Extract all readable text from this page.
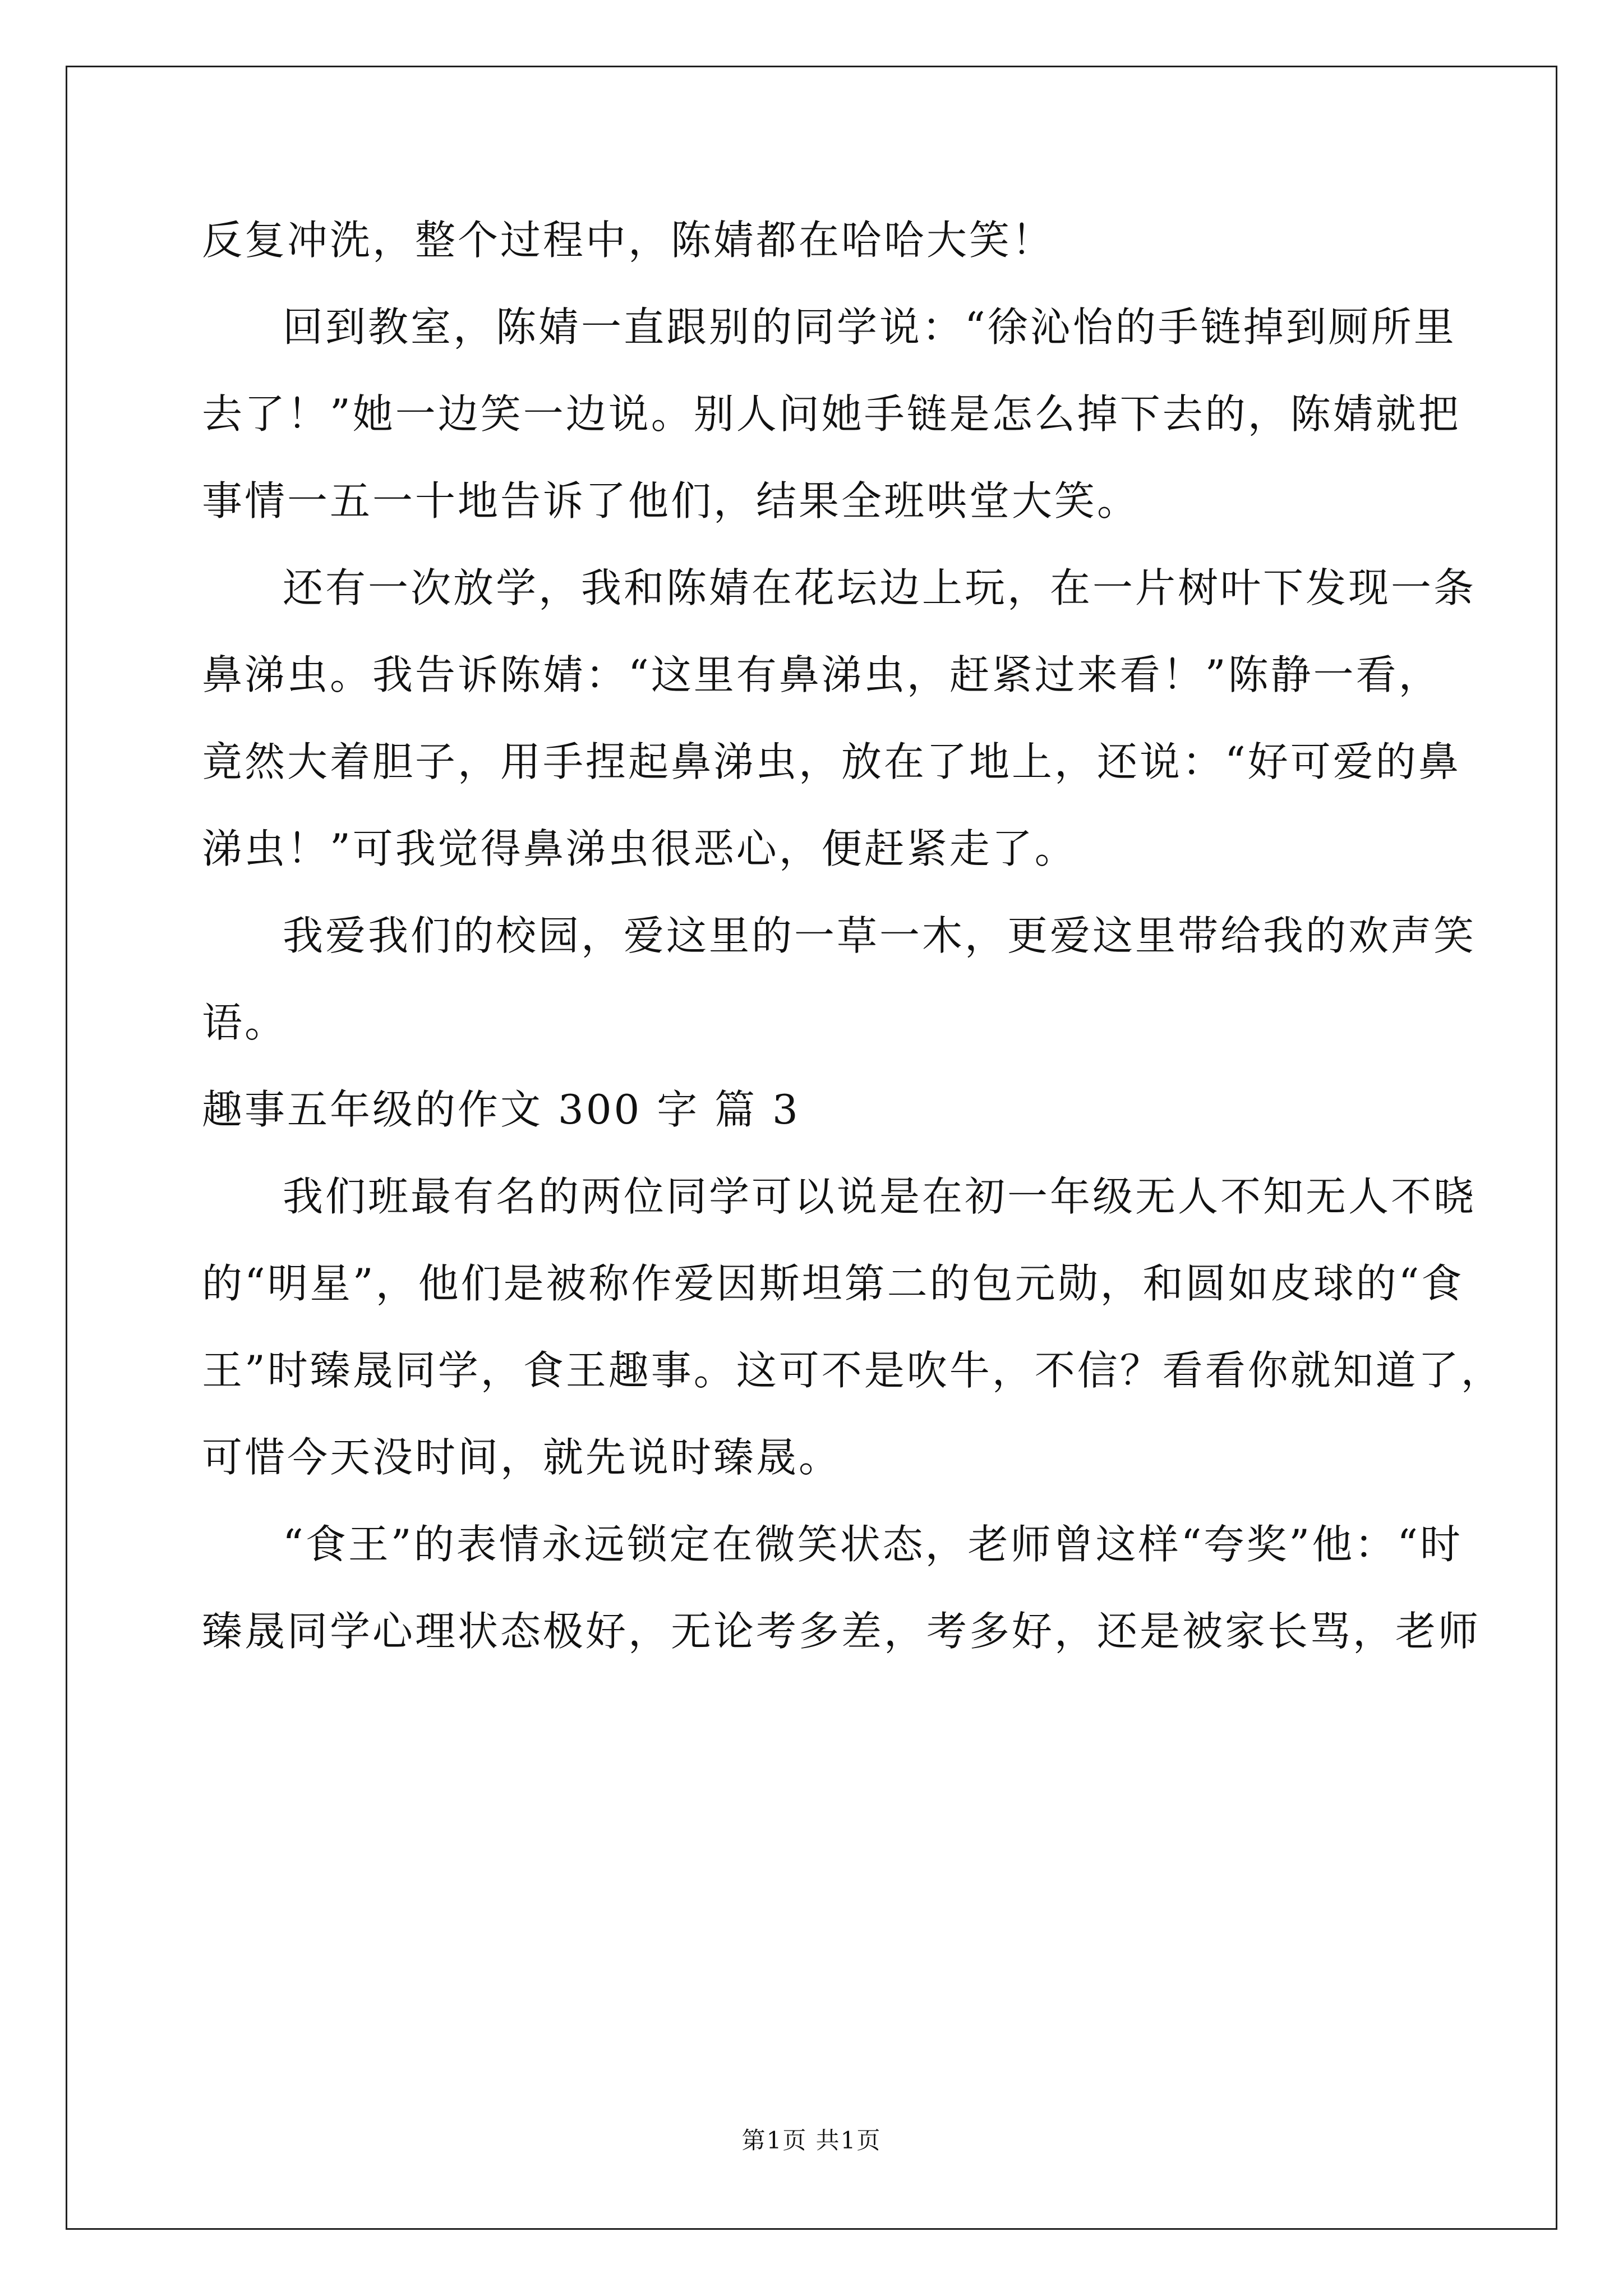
反复冲洗，整个过程中，陈婧都在哈哈大笑！
回到教室，陈婧一直跟别的同学说：“徐沁怡的手链掉到厕所里
去了！”她一边笑一边说。别人问她手链是怎么掉下去的，陈婧就把
事情一五一十地告诉了他们，结果全班哄堂大笑。
还有一次放学，我和陈婧在花坛边上玩，在一片树叶下发现一条
鼻涕虫。我告诉陈婧：“这里有鼻涕虫，赶紧过来看！”陈静一看，
竟然大着胆子，用手捏起鼻涕虫，放在了地上，还说：“好可爱的鼻
涕虫！”可我觉得鼻涕虫很恶心，便赶紧走了。
我爱我们的校园，爱这里的一草一木，更爱这里带给我的欢声笑
语。
趣事五年级的作文 300 字 篇 3
我们班最有名的两位同学可以说是在初一年级无人不知无人不晓
的“明星”，他们是被称作爱因斯坦第二的包元勋，和圆如皮球的“食
王”时臻晟同学，食王趣事。这可不是吹牛，不信？看看你就知道了，
可惜今天没时间，就先说时臻晟。
“食王”的表情永远锁定在微笑状态，老师曾这样“夸奖”他：“时
臻晟同学心理状态极好，无论考多差，考多好，还是被家长骂，老师
第1页 共1页
